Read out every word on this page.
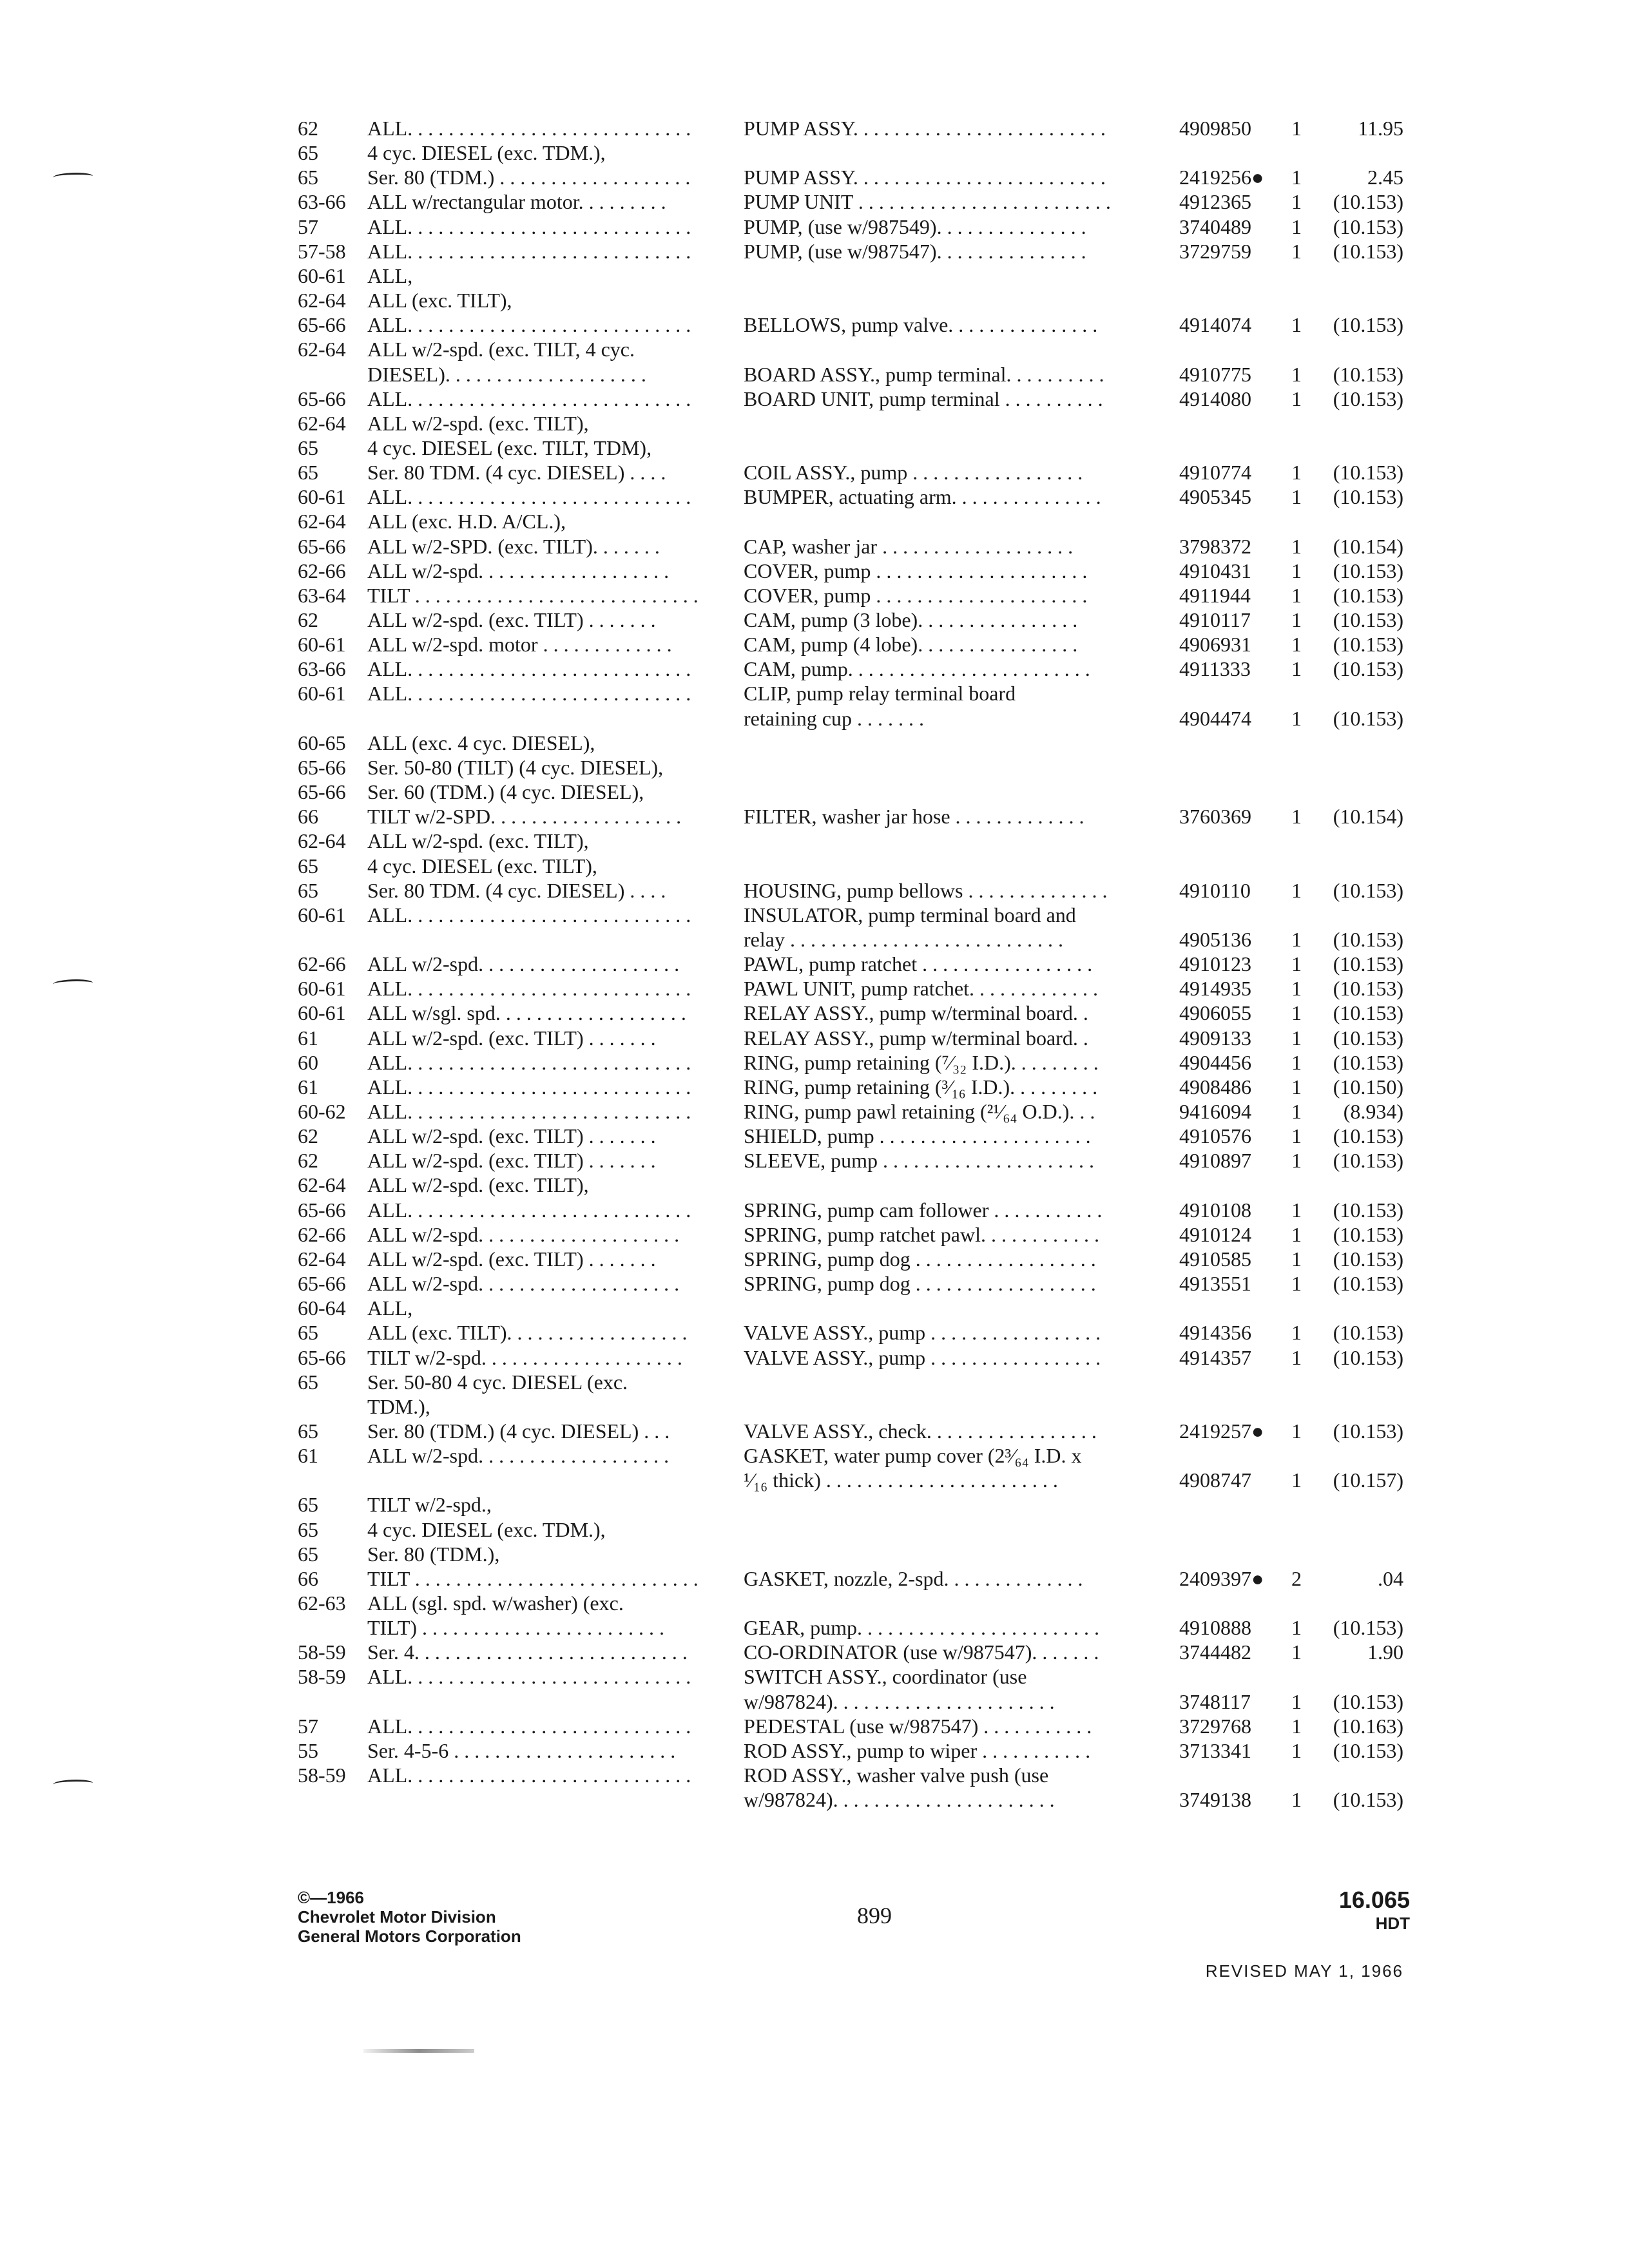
62 ALL. . . . . . . . . . . . . . . . . . . . . . . . . . . .	PUMP ASSY. . . . . . . . . . . . . . . . . . . . . . . . .	4909850 1	11.95
65 4 cyc. DIESEL (exc. TDM.),
65 Ser. 80 (TDM.) . . . . . . . . . . . . . . . . . . .	PUMP ASSY. . . . . . . . . . . . . . . . . . . . . . . . .	2419256● 1	2.45
63-66 ALL w/rectangular motor. . . . . . . . .	PUMP UNIT . . . . . . . . . . . . . . . . . . . . . . . . .	4912365 1 (10.153)
57 ALL. . . . . . . . . . . . . . . . . . . . . . . . . . . .	PUMP, (use w/987549). . . . . . . . . . . . . . .	3740489 1 (10.153)
57-58 ALL. . . . . . . . . . . . . . . . . . . . . . . . . . . .	PUMP, (use w/987547). . . . . . . . . . . . . . .	3729759 1 (10.153)
60-61 ALL,
62-64 ALL (exc. TILT),
65-66 ALL. . . . . . . . . . . . . . . . . . . . . . . . . . . .	BELLOWS, pump valve. . . . . . . . . . . . . . .	4914074 1 (10.153)
62-64 ALL w/2-spd. (exc. TILT, 4 cyc.
DIESEL). . . . . . . . . . . . . . . . . . . .	BOARD ASSY., pump terminal. . . . . . . . . .	4910775 1 (10.153)
65-66 ALL. . . . . . . . . . . . . . . . . . . . . . . . . . . .	BOARD UNIT, pump terminal . . . . . . . . . .	4914080 1 (10.153)
62-64 ALL w/2-spd. (exc. TILT),
65 4 cyc. DIESEL (exc. TILT, TDM),
65 Ser. 80 TDM. (4 cyc. DIESEL) . . . .	COIL ASSY., pump . . . . . . . . . . . . . . . . .	4910774 1 (10.153)
60-61 ALL. . . . . . . . . . . . . . . . . . . . . . . . . . . .	BUMPER, actuating arm. . . . . . . . . . . . . . .	4905345 1 (10.153)
62-64 ALL (exc. H.D. A/CL.),
65-66 ALL w/2-SPD. (exc. TILT). . . . . . .	CAP, washer jar . . . . . . . . . . . . . . . . . . .	3798372 1 (10.154)
62-66 ALL w/2-spd. . . . . . . . . . . . . . . . . . .	COVER, pump . . . . . . . . . . . . . . . . . . . . .	4910431 1 (10.153)
63-64 TILT . . . . . . . . . . . . . . . . . . . . . . . . . . . .	COVER, pump . . . . . . . . . . . . . . . . . . . . .	4911944 1 (10.153)
62 ALL w/2-spd. (exc. TILT) . . . . . . .	CAM, pump (3 lobe). . . . . . . . . . . . . . . .	4910117 1 (10.153)
60-61 ALL w/2-spd. motor . . . . . . . . . . . . .	CAM, pump (4 lobe). . . . . . . . . . . . . . . .	4906931 1 (10.153)
63-66 ALL. . . . . . . . . . . . . . . . . . . . . . . . . . . .	CAM, pump. . . . . . . . . . . . . . . . . . . . . . . .	4911333 1 (10.153)
60-61 ALL. . . . . . . . . . . . . . . . . . . . . . . . . . . .	CLIP, pump relay terminal board
retaining cup . . . . . . .	4904474 1 (10.153)
60-65 ALL (exc. 4 cyc. DIESEL),
65-66 Ser. 50-80 (TILT) (4 cyc. DIESEL),
65-66 Ser. 60 (TDM.) (4 cyc. DIESEL),
66 TILT w/2-SPD. . . . . . . . . . . . . . . . . . .	FILTER, washer jar hose . . . . . . . . . . . . .	3760369 1 (10.154)
62-64 ALL w/2-spd. (exc. TILT),
65 4 cyc. DIESEL (exc. TILT),
65 Ser. 80 TDM. (4 cyc. DIESEL) . . . .	HOUSING, pump bellows . . . . . . . . . . . . . .	4910110 1 (10.153)
60-61 ALL. . . . . . . . . . . . . . . . . . . . . . . . . . . .	INSULATOR, pump terminal board and
relay . . . . . . . . . . . . . . . . . . . . . . . . . . .	4905136 1 (10.153)
62-66 ALL w/2-spd. . . . . . . . . . . . . . . . . . . .	PAWL, pump ratchet . . . . . . . . . . . . . . . . .	4910123 1 (10.153)
60-61 ALL. . . . . . . . . . . . . . . . . . . . . . . . . . . .	PAWL UNIT, pump ratchet. . . . . . . . . . . . .	4914935 1 (10.153)
60-61 ALL w/sgl. spd. . . . . . . . . . . . . . . . . . .	RELAY ASSY., pump w/terminal board. .	4906055 1 (10.153)
61 ALL w/2-spd. (exc. TILT) . . . . . . .	RELAY ASSY., pump w/terminal board. .	4909133 1 (10.153)
60 ALL. . . . . . . . . . . . . . . . . . . . . . . . . . . .	RING, pump retaining (⁷⁄₃₂ I.D.). . . . . . . . .	4904456 1 (10.153)
61 ALL. . . . . . . . . . . . . . . . . . . . . . . . . . . .	RING, pump retaining (³⁄₁₆ I.D.). . . . . . . . .	4908486 1 (10.150)
60-62 ALL. . . . . . . . . . . . . . . . . . . . . . . . . . . .	RING, pump pawl retaining (²¹⁄₆₄ O.D.). . .	9416094 1 (8.934)
62 ALL w/2-spd. (exc. TILT) . . . . . . .	SHIELD, pump . . . . . . . . . . . . . . . . . . . . .	4910576 1 (10.153)
62 ALL w/2-spd. (exc. TILT) . . . . . . .	SLEEVE, pump . . . . . . . . . . . . . . . . . . . . .	4910897 1 (10.153)
62-64 ALL w/2-spd. (exc. TILT),
65-66 ALL. . . . . . . . . . . . . . . . . . . . . . . . . . . .	SPRING, pump cam follower . . . . . . . . . . .	4910108 1 (10.153)
62-66 ALL w/2-spd. . . . . . . . . . . . . . . . . . . .	SPRING, pump ratchet pawl. . . . . . . . . . . .	4910124 1 (10.153)
62-64 ALL w/2-spd. (exc. TILT) . . . . . . .	SPRING, pump dog . . . . . . . . . . . . . . . . . .	4910585 1 (10.153)
65-66 ALL w/2-spd. . . . . . . . . . . . . . . . . . . .	SPRING, pump dog . . . . . . . . . . . . . . . . . .	4913551 1 (10.153)
60-64 ALL,
65 ALL (exc. TILT). . . . . . . . . . . . . . . . . .	VALVE ASSY., pump . . . . . . . . . . . . . . . . .	4914356 1 (10.153)
65-66 TILT w/2-spd. . . . . . . . . . . . . . . . . . . .	VALVE ASSY., pump . . . . . . . . . . . . . . . . .	4914357 1 (10.153)
65 Ser. 50-80 4 cyc. DIESEL (exc.
TDM.),
65 Ser. 80 (TDM.) (4 cyc. DIESEL) . . .	VALVE ASSY., check. . . . . . . . . . . . . . . . .	2419257● 1 (10.153)
61 ALL w/2-spd. . . . . . . . . . . . . . . . . . .	GASKET, water pump cover (2³⁄₆₄ I.D. x
¹⁄₁₆ thick) . . . . . . . . . . . . . . . . . . . . . . .	4908747 1 (10.157)
65 TILT w/2-spd.,
65 4 cyc. DIESEL (exc. TDM.),
65 Ser. 80 (TDM.),
66 TILT . . . . . . . . . . . . . . . . . . . . . . . . . . . .	GASKET, nozzle, 2-spd. . . . . . . . . . . . . .	2409397● 2	.04
62-63 ALL (sgl. spd. w/washer) (exc.
TILT) . . . . . . . . . . . . . . . . . . . . . . . .	GEAR, pump. . . . . . . . . . . . . . . . . . . . . . . .	4910888 1 (10.153)
58-59 Ser. 4. . . . . . . . . . . . . . . . . . . . . . . . . . .	CO-ORDINATOR (use w/987547). . . . . . .	3744482 1	1.90
58-59 ALL. . . . . . . . . . . . . . . . . . . . . . . . . . . .	SWITCH ASSY., coordinator (use
w/987824). . . . . . . . . . . . . . . . . . . . . .	3748117 1 (10.153)
57 ALL. . . . . . . . . . . . . . . . . . . . . . . . . . . .	PEDESTAL (use w/987547) . . . . . . . . . . .	3729768 1 (10.163)
55 Ser. 4-5-6 . . . . . . . . . . . . . . . . . . . . . .	ROD ASSY., pump to wiper . . . . . . . . . . .	3713341 1 (10.153)
58-59 ALL. . . . . . . . . . . . . . . . . . . . . . . . . . . .	ROD ASSY., washer valve push (use
w/987824). . . . . . . . . . . . . . . . . . . . . .	3749138 1 (10.153)
©—1966
Chevrolet Motor Division
General Motors Corporation
899
16.065
HDT
REVISED MAY 1, 1966
